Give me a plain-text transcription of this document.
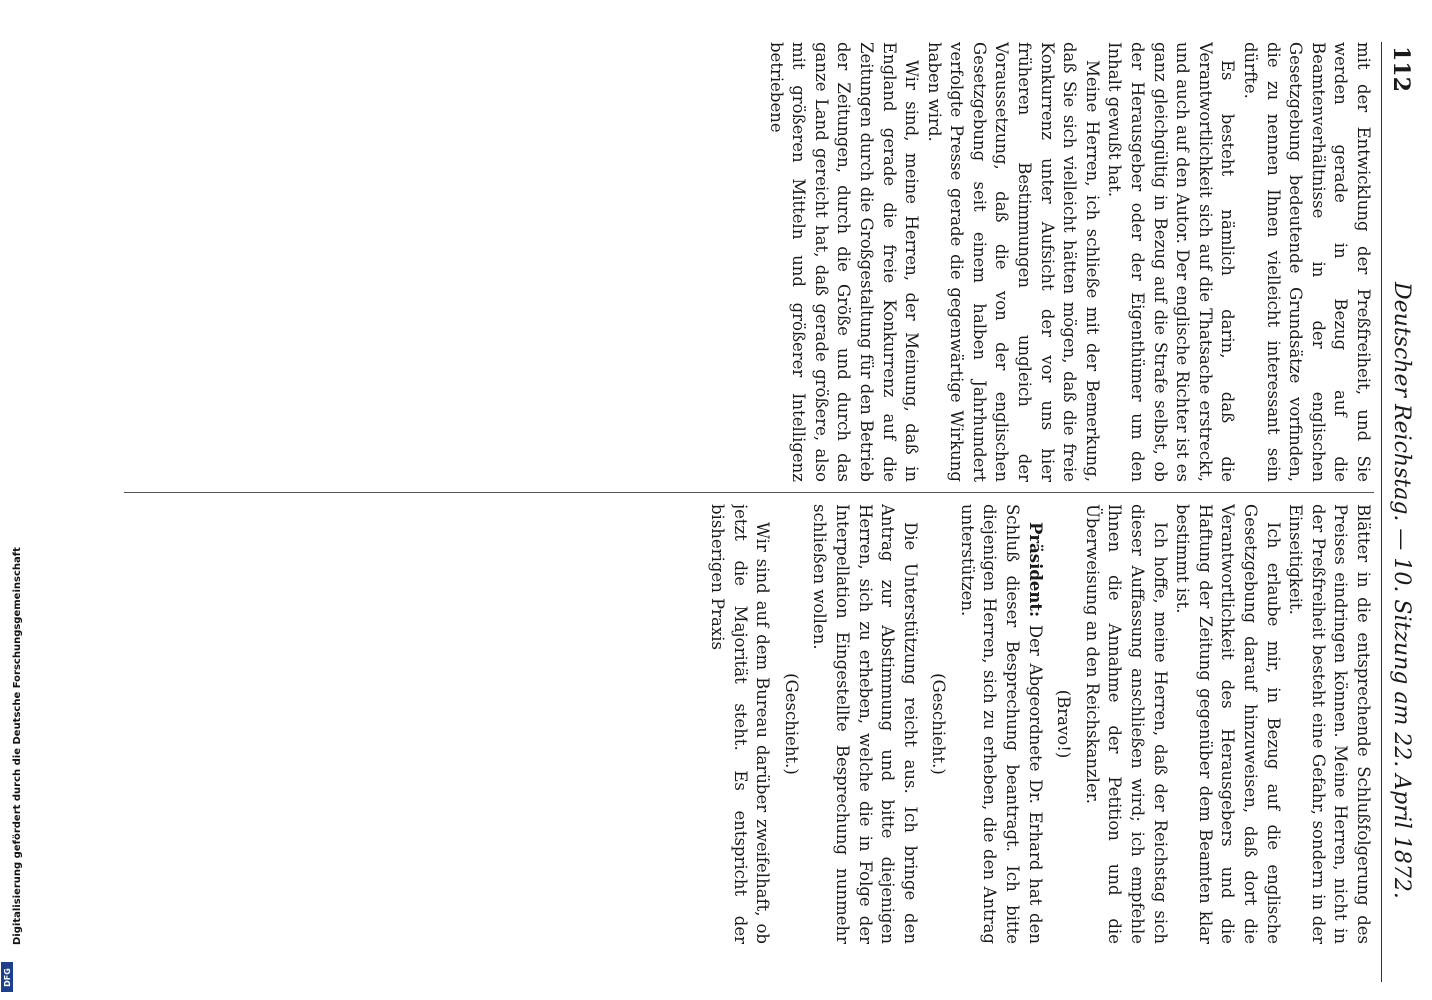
112
Deutscher Reichstag. — 10. Sitzung am 22. April 1872.

mit der Entwicklung der Preßfreiheit, und Sie werden gerade in Bezug auf die Beamtenverhältnisse in der englischen Gesetzgebung bedeutende Grundsätze vorfinden, die zu nennen Ihnen vielleicht interessant sein dürfte.

Es besteht nämlich darin, daß die Verantwortlichkeit sich auf die Thatsache erstreckt, und auch auf den Autor. Der englische Richter ist es ganz gleichgültig in Bezug auf die Strafe selbst, ob der Herausgeber oder der Eigenthümer um den Inhalt gewußt hat.

Meine Herren, ich schließe mit der Bemerkung, daß Sie sich vielleicht hätten mögen, daß die freie Konkurrenz unter Aufsicht der vor uns hier früheren Bestimmungen ungleich der Voraussetzung, daß die von der englischen Gesetzgebung seit einem halben Jahrhundert verfolgte Presse gerade die gegenwärtige Wirkung haben wird.

Wir sind, meine Herren, der Meinung, daß in England gerade die freie Konkurrenz auf die Zeitungen durch die Großgestaltung für den Betrieb der Zeitungen, durch die Größe und durch das ganze Land gereicht hat, daß gerade größere, also mit größeren Mitteln und größerer Intelligenz betriebene

Blätter in die entsprechende Schlußfolgerung des Preises eindringen können. Meine Herren, nicht in der Preßfreiheit besteht eine Gefahr, sondern in der Einseitigkeit.

Ich erlaube mir, in Bezug auf die englische Gesetzgebung darauf hinzuweisen, daß dort die Verantwortlichkeit des Herausgebers und die Haftung der Zeitung gegenüber dem Beamten klar bestimmt ist.

Ich hoffe, meine Herren, daß der Reichstag sich dieser Auffassung anschließen wird; ich empfehle Ihnen die Annahme der Petition und die Überweisung an den Reichskanzler.

(Bravo!)

Präsident: Der Abgeordnete Dr. Erhard hat den Schluß dieser Besprechung beantragt. Ich bitte diejenigen Herren, sich zu erheben, die den Antrag unterstützen.

(Geschieht.)

Die Unterstützung reicht aus. Ich bringe den Antrag zur Abstimmung und bitte diejenigen Herren, sich zu erheben, welche die in Folge der Interpellation Eingestellte Besprechung nunmehr schließen wollen.

(Geschieht.)

Wir sind auf dem Bureau darüber zweifelhaft, ob jetzt die Majorität steht. Es entspricht der bisherigen Praxis

Digitalisierung gefördert durch die Deutsche Forschungsgemeinschaft
DFG
